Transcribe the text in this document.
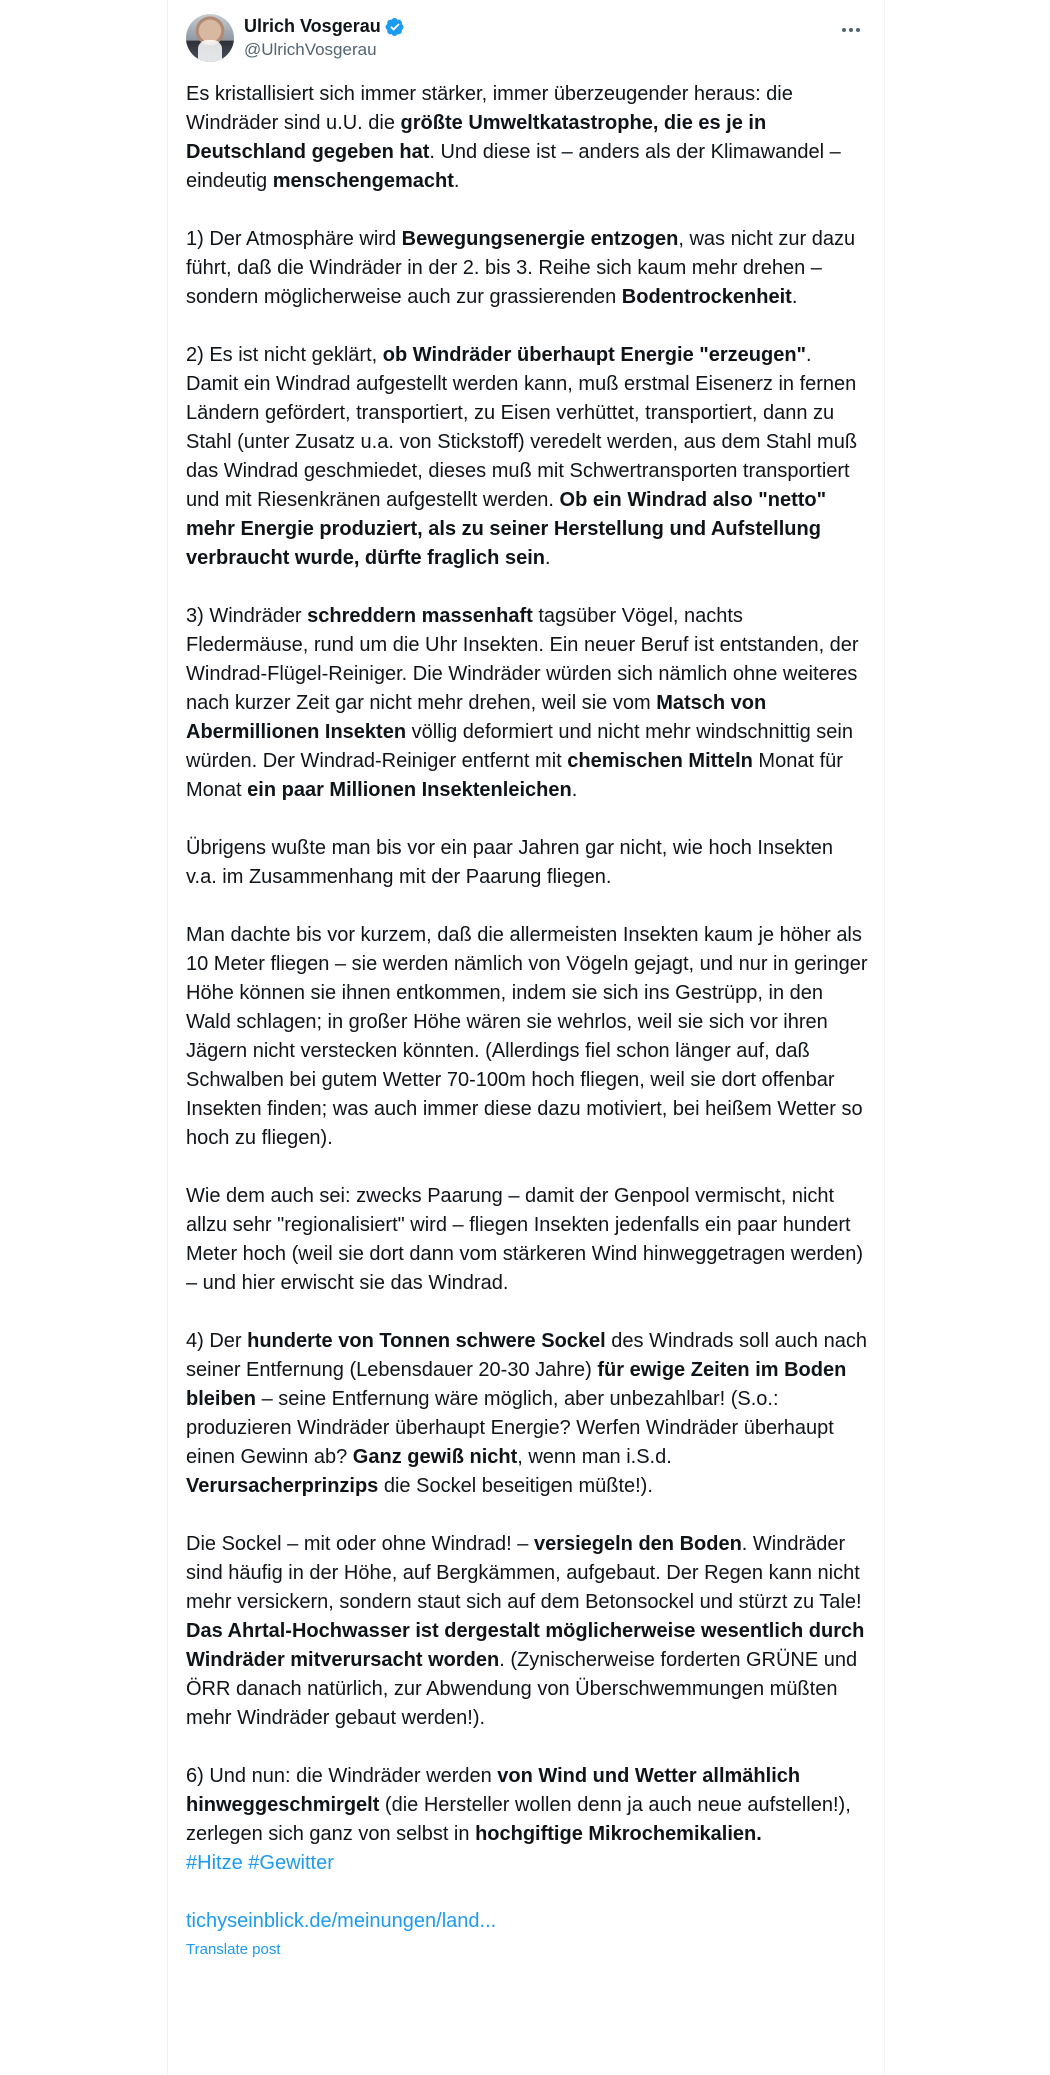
Ulrich Vosgerau
@UlrichVosgerau
Es kristallisiert sich immer stärker, immer überzeugender heraus: die Windräder sind u.U. die größte Umweltkatastrophe, die es je in Deutschland gegeben hat. Und diese ist – anders als der Klimawandel – eindeutig menschengemacht.
1) Der Atmosphäre wird Bewegungsenergie entzogen, was nicht zur dazu führt, daß die Windräder in der 2. bis 3. Reihe sich kaum mehr drehen – sondern möglicherweise auch zur grassierenden Bodentrockenheit.
2) Es ist nicht geklärt, ob Windräder überhaupt Energie "erzeugen". Damit ein Windrad aufgestellt werden kann, muß erstmal Eisenerz in fernen Ländern gefördert, transportiert, zu Eisen verhüttet, transportiert, dann zu Stahl (unter Zusatz u.a. von Stickstoff) veredelt werden, aus dem Stahl muß das Windrad geschmiedet, dieses muß mit Schwertransporten transportiert und mit Riesenkränen aufgestellt werden. Ob ein Windrad also "netto" mehr Energie produziert, als zu seiner Herstellung und Aufstellung verbraucht wurde, dürfte fraglich sein.
3) Windräder schreddern massenhaft tagsüber Vögel, nachts Fledermäuse, rund um die Uhr Insekten. Ein neuer Beruf ist entstanden, der Windrad-Flügel-Reiniger. Die Windräder würden sich nämlich ohne weiteres nach kurzer Zeit gar nicht mehr drehen, weil sie vom Matsch von Abermillionen Insekten völlig deformiert und nicht mehr windschnittig sein würden. Der Windrad-Reiniger entfernt mit chemischen Mitteln Monat für Monat ein paar Millionen Insektenleichen.
Übrigens wußte man bis vor ein paar Jahren gar nicht, wie hoch Insekten v.a. im Zusammenhang mit der Paarung fliegen.
Man dachte bis vor kurzem, daß die allermeisten Insekten kaum je höher als 10 Meter fliegen – sie werden nämlich von Vögeln gejagt, und nur in geringer Höhe können sie ihnen entkommen, indem sie sich ins Gestrüpp, in den Wald schlagen; in großer Höhe wären sie wehrlos, weil sie sich vor ihren Jägern nicht verstecken könnten. (Allerdings fiel schon länger auf, daß Schwalben bei gutem Wetter 70-100m hoch fliegen, weil sie dort offenbar Insekten finden; was auch immer diese dazu motiviert, bei heißem Wetter so hoch zu fliegen).
Wie dem auch sei: zwecks Paarung – damit der Genpool vermischt, nicht allzu sehr "regionalisiert" wird – fliegen Insekten jedenfalls ein paar hundert Meter hoch (weil sie dort dann vom stärkeren Wind hinweggetragen werden) – und hier erwischt sie das Windrad.
4) Der hunderte von Tonnen schwere Sockel des Windrads soll auch nach seiner Entfernung (Lebensdauer 20-30 Jahre) für ewige Zeiten im Boden bleiben – seine Entfernung wäre möglich, aber unbezahlbar! (S.o.: produzieren Windräder überhaupt Energie? Werfen Windräder überhaupt einen Gewinn ab? Ganz gewiß nicht, wenn man i.S.d. Verursacherprinzips die Sockel beseitigen müßte!).
Die Sockel – mit oder ohne Windrad! – versiegeln den Boden. Windräder sind häufig in der Höhe, auf Bergkämmen, aufgebaut. Der Regen kann nicht mehr versickern, sondern staut sich auf dem Betonsockel und stürzt zu Tale! Das Ahrtal-Hochwasser ist dergestalt möglicherweise wesentlich durch Windräder mitverursacht worden. (Zynischerweise forderten GRÜNE und ÖRR danach natürlich, zur Abwendung von Überschwemmungen müßten mehr Windräder gebaut werden!).
6) Und nun: die Windräder werden von Wind und Wetter allmählich hinweggeschmirgelt (die Hersteller wollen denn ja auch neue aufstellen!), zerlegen sich ganz von selbst in hochgiftige Mikrochemikalien.
#Hitze #Gewitter
tichyseinblick.de/meinungen/land...
Translate post
